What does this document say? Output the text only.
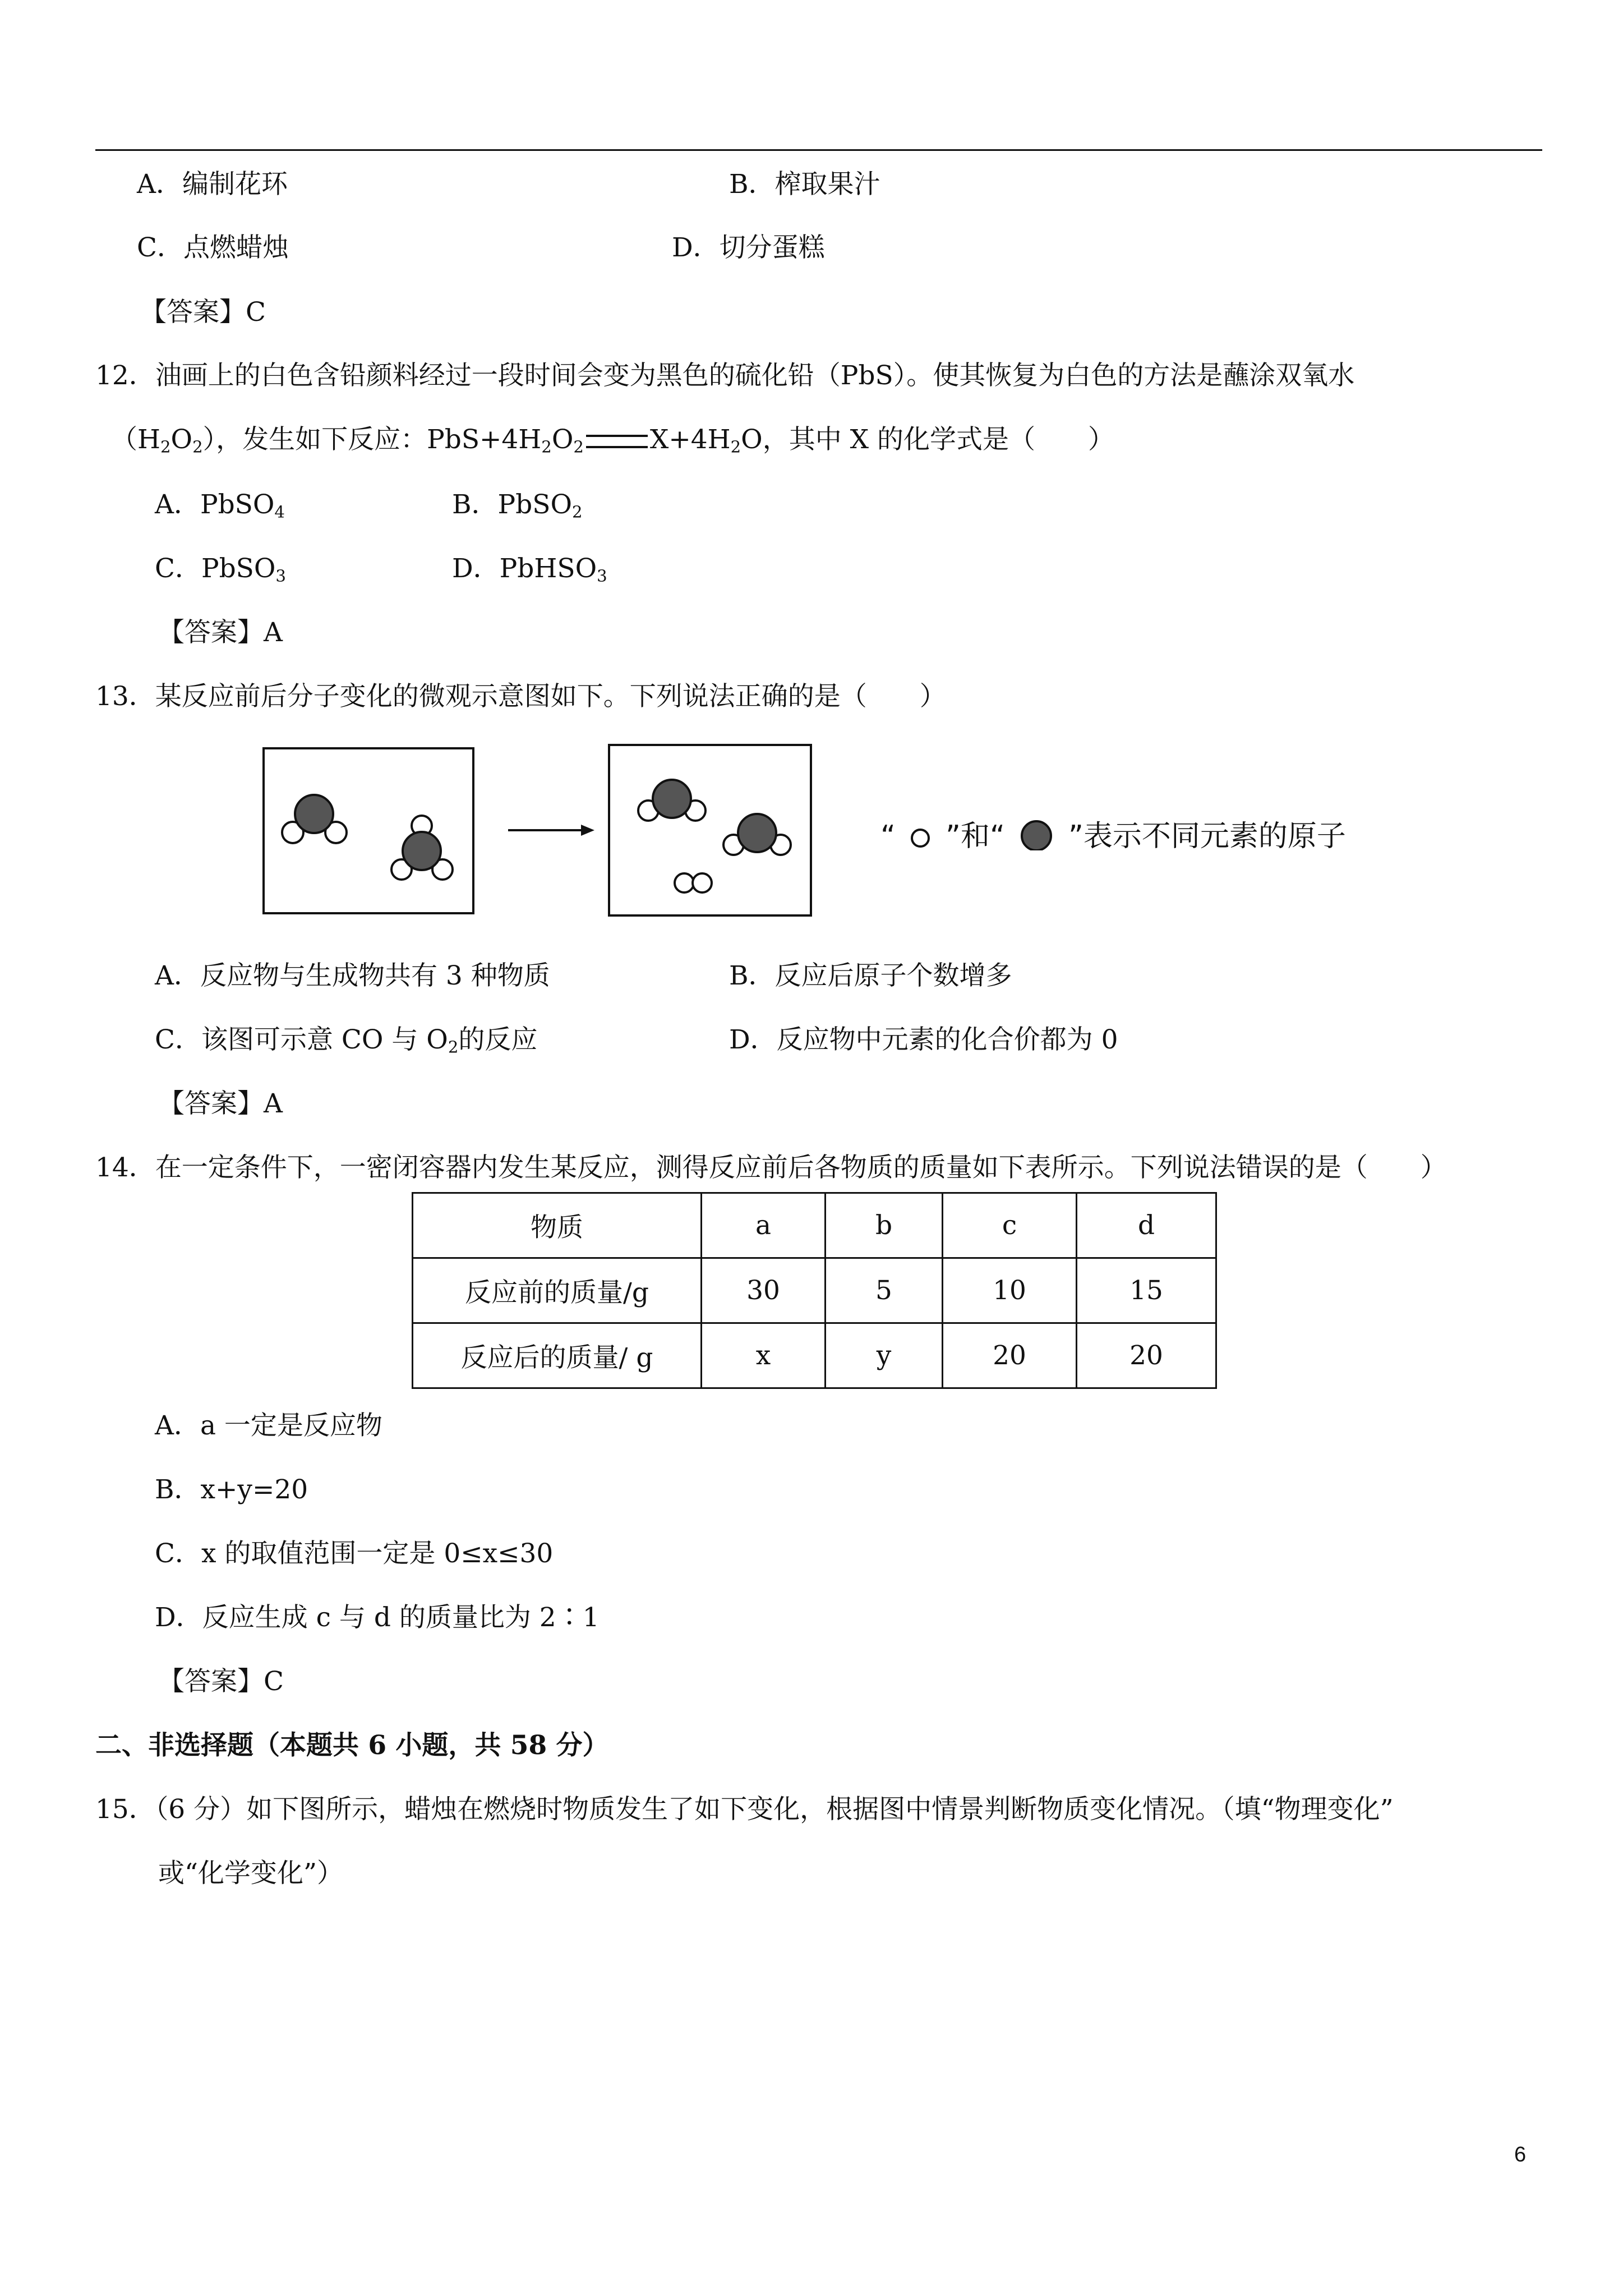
A．编制花环	B．榨取果汁
C．点燃蜡烛	D．切分蛋糕
【答案】C
12．油画上的白色含铅颜料经过一段时间会变为黑色的硫化铅（PbS）。使其恢复为白色的方法是蘸涂双氧水
$(H_2O_2)$，发生如下反应：$PbS+4H_2O_2$	$X+4H_2O$，其中 X 的化学式是（　　）
A．PbSO$_4$	B．PbSO$_2$
C．PbSO$_3$	D．PbHSO$_3$
【答案】A
13．某反应前后分子变化的微观示意图如下。下列说法正确的是（　　）
“ ”和“ ”表示不同元素的原子
A．反应物与生成物共有 3 种物质	B．反应后原子个数增多
C．该图可示意 CO 与 $O_2$的反应	D．反应物中元素的化合价都为 0
【答案】A
14．在一定条件下，一密闭容器内发生某反应，测得反应前后各物质的质量如下表所示。下列说法错误的是（　　）
物质	a	b	c	d
反应前的质量/g	30	5	10	15
反应后的质量/ g	x	y	20	20
A．a 一定是反应物
B．x+y=20
C．x 的取值范围一定是 0≤x≤30
D．反应生成 c 与 d 的质量比为 2∶1
【答案】C
二、非选择题（本题共 6 小题，共 58 分）
15．（6 分）如下图所示，蜡烛在燃烧时物质发生了如下变化，根据图中情景判断物质变化情况。（填“物理变化”
或“化学变化”）
6
